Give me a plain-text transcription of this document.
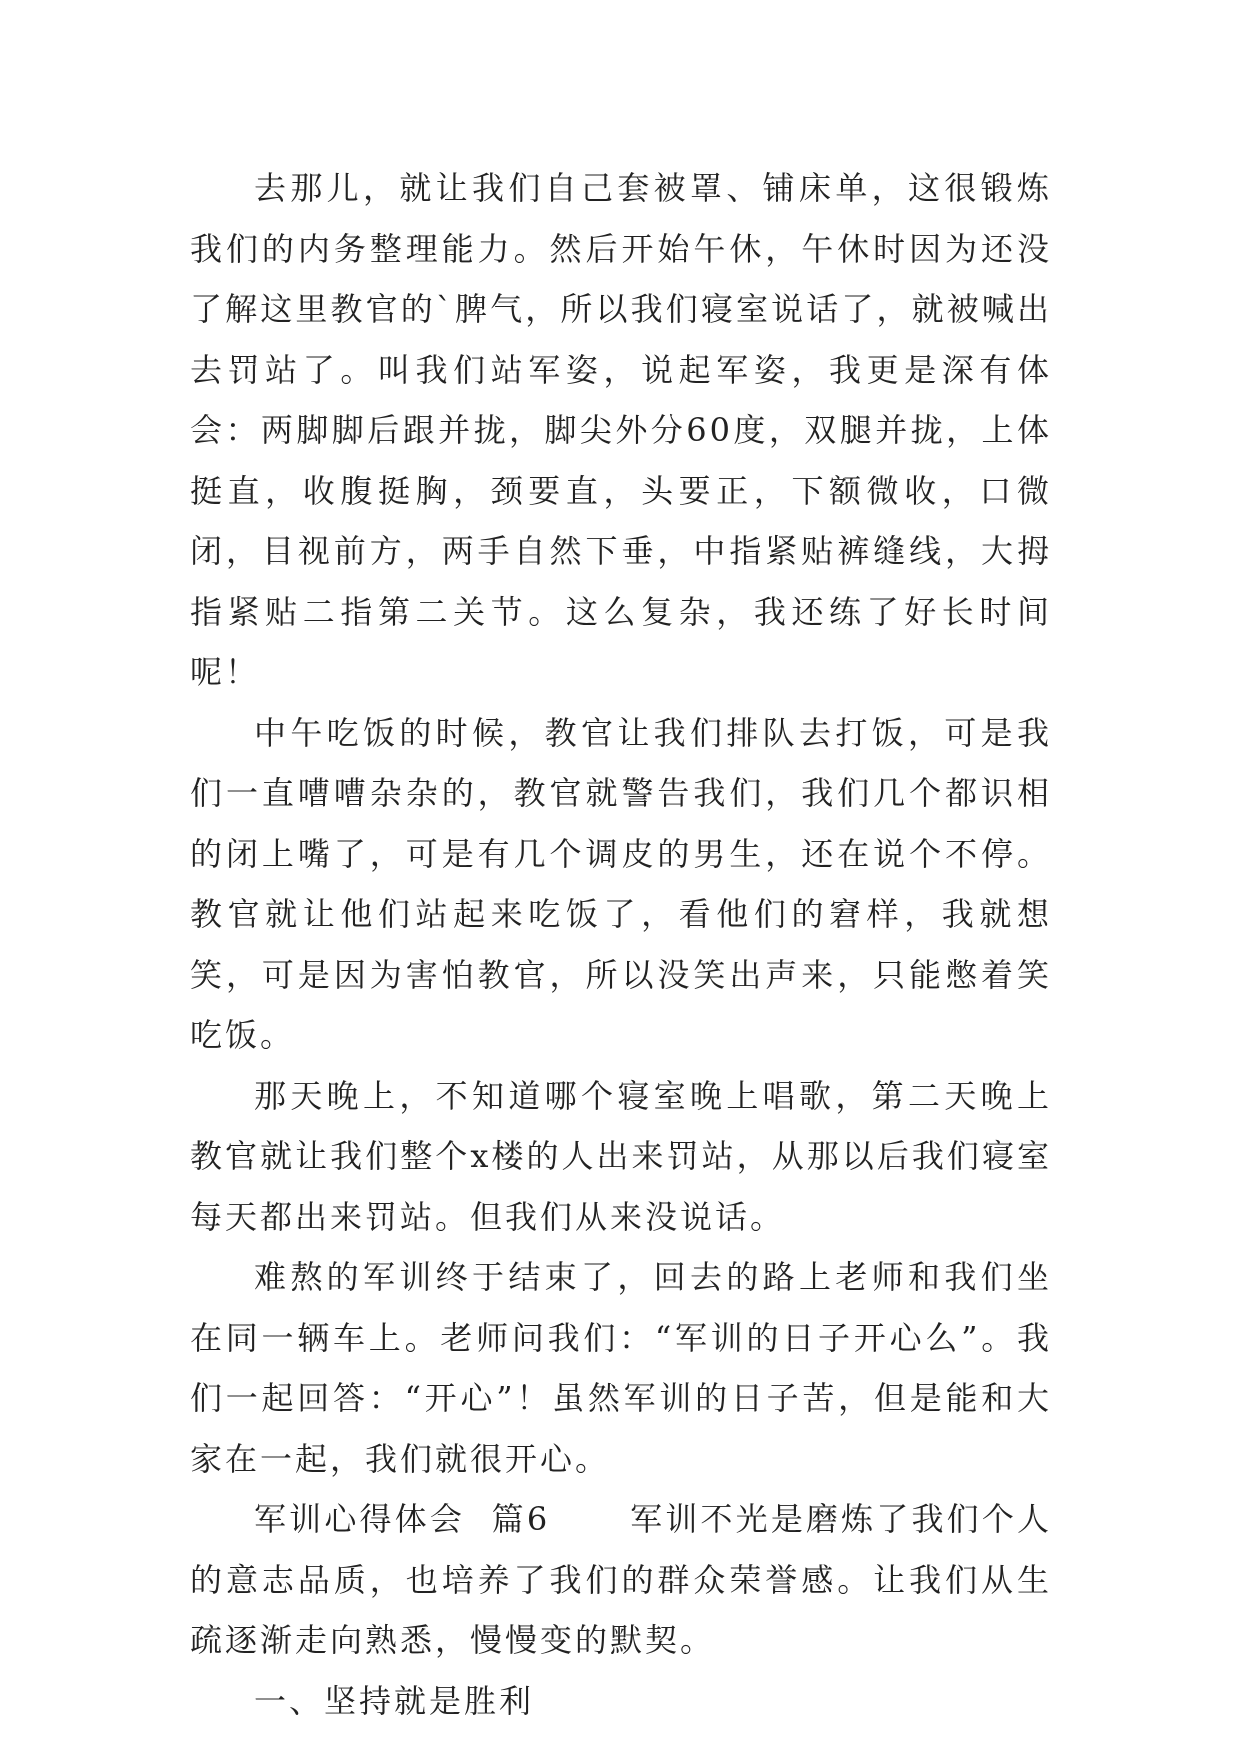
去那儿，就让我们自己套被罩、铺床单，这很锻炼我们的内务整理能力。然后开始午休，午休时因为还没了解这里教官的`脾气，所以我们寝室说话了，就被喊出去罚站了。叫我们站军姿，说起军姿，我更是深有体会：两脚脚后跟并拢，脚尖外分60度，双腿并拢，上体挺直，收腹挺胸，颈要直，头要正，下额微收，口微闭，目视前方，两手自然下垂，中指紧贴裤缝线，大拇指紧贴二指第二关节。这么复杂，我还练了好长时间呢！

中午吃饭的时候，教官让我们排队去打饭，可是我们一直嘈嘈杂杂的，教官就警告我们，我们几个都识相的闭上嘴了，可是有几个调皮的男生，还在说个不停。教官就让他们站起来吃饭了，看他们的窘样，我就想笑，可是因为害怕教官，所以没笑出声来，只能憋着笑吃饭。

那天晚上，不知道哪个寝室晚上唱歌，第二天晚上教官就让我们整个x楼的人出来罚站，从那以后我们寝室每天都出来罚站。但我们从来没说话。

难熬的军训终于结束了，回去的路上老师和我们坐在同一辆车上。老师问我们：“军训的日子开心么”。我们一起回答：“开心”！虽然军训的日子苦，但是能和大家在一起，我们就很开心。

军训心得体会  篇6      军训不光是磨炼了我们个人的意志品质，也培养了我们的群众荣誉感。让我们从生疏逐渐走向熟悉，慢慢变的默契。

一、坚持就是胜利
